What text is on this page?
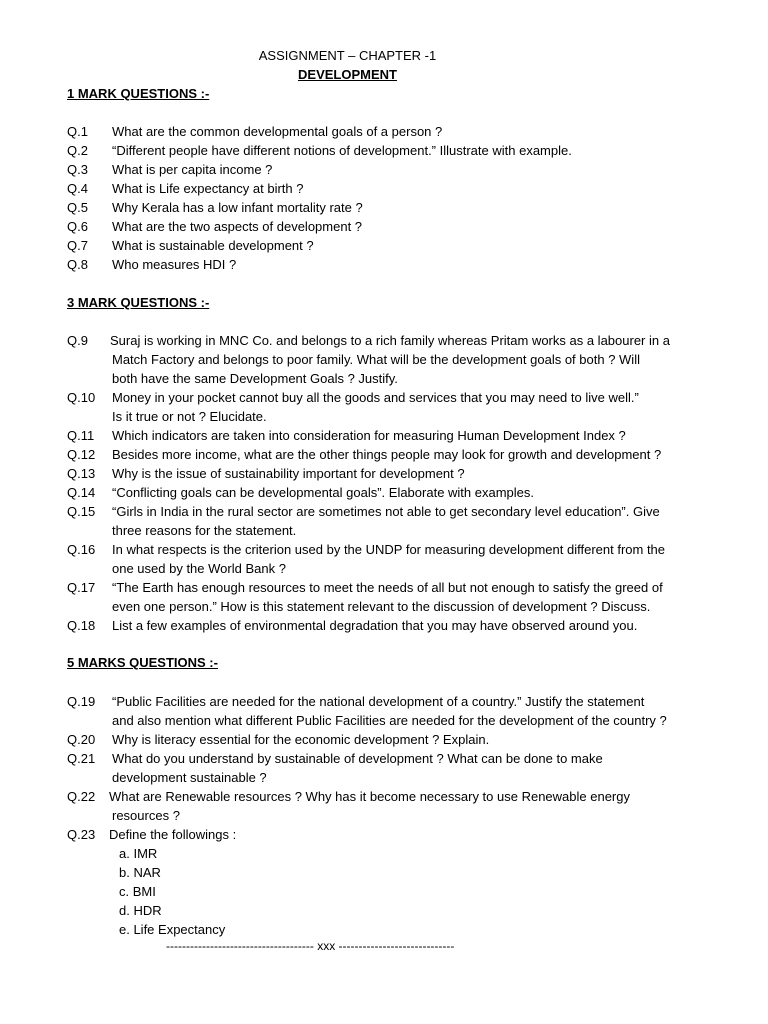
ASSIGNMENT – CHAPTER -1
DEVELOPMENT
1 MARK QUESTIONS :-
Q.1 What are the common developmental goals of a person ?
Q.2 “Different people have different notions of development.” Illustrate with example.
Q.3 What is per capita income ?
Q.4 What is Life expectancy at birth ?
Q.5 Why Kerala has a low infant mortality rate ?
Q.6 What are the two aspects of development ?
Q.7 What is sustainable development ?
Q.8 Who measures HDI ?
3 MARK QUESTIONS :-
Q.9 Suraj is working in MNC Co. and belongs to a rich family whereas Pritam works as a labourer in a
Match Factory and belongs to poor family. What will be the development goals of both ? Will
both have the same Development Goals ? Justify.
Q.10 Money in your pocket cannot buy all the goods and services that you may need to live well.”
Is it true or not ? Elucidate.
Q.11 Which indicators are taken into consideration for measuring Human Development Index ?
Q.12 Besides more income, what are the other things people may look for growth and development ?
Q.13 Why is the issue of sustainability important for development ?
Q.14 “Conflicting goals can be developmental goals”. Elaborate with examples.
Q.15 “Girls in India in the rural sector are sometimes not able to get secondary level education”. Give
three reasons for the statement.
Q.16 In what respects is the criterion used by the UNDP for measuring development different from the
one used by the World Bank ?
Q.17 “The Earth has enough resources to meet the needs of all but not enough to satisfy the greed of
even one person.” How is this statement relevant to the discussion of development ? Discuss.
Q.18 List a few examples of environmental degradation that you may have observed around you.
5 MARKS QUESTIONS :-
Q.19 “Public Facilities are needed for the national development of a country.” Justify the statement
and also mention what different Public Facilities are needed for the development of the country ?
Q.20 Why is literacy essential for the economic development ? Explain.
Q.21 What do you understand by sustainable of development ? What can be done to make
development sustainable ?
Q.22 What are Renewable resources ? Why has it become necessary to use Renewable energy
resources ?
Q.23 Define the followings :
a. IMR
b. NAR
c. BMI
d. HDR
e. Life Expectancy
------------------------------------- xxx -----------------------------
